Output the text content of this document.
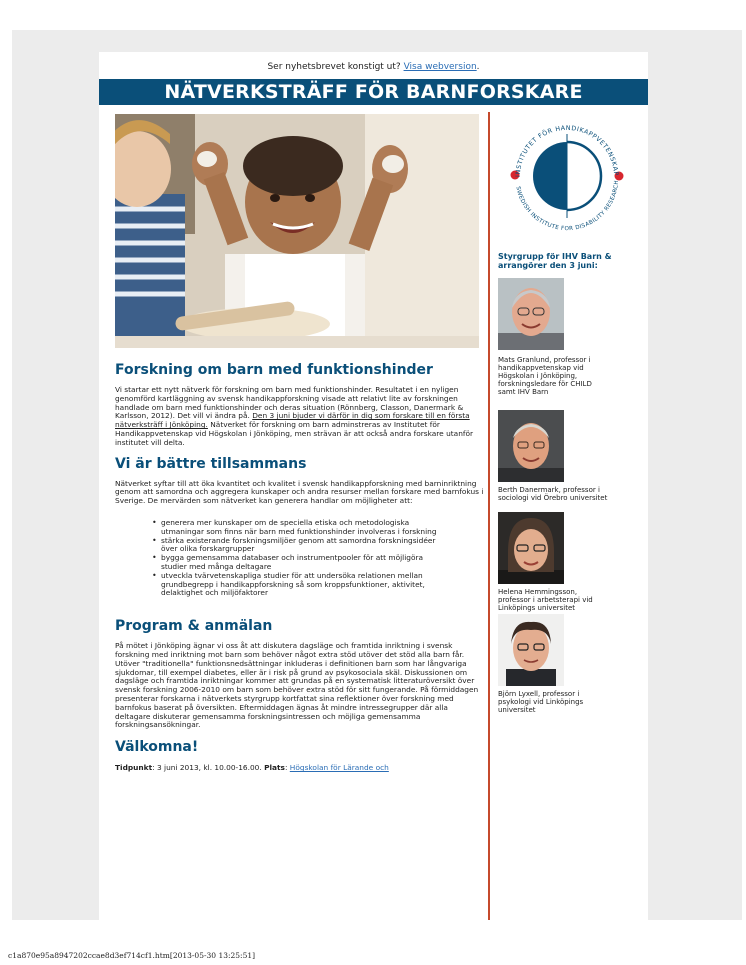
Ser nyhetsbrevet konstigt ut? Visa webversion.
NÄTVERKSTRÄFF FÖR BARNFORSKARE
Forskning om barn med funktionshinder

Vi startar ett nytt nätverk för forskning om barn med funktionshinder. Resultatet i en nyligen genomförd kartläggning av svensk handikappforskning visade att relativt lite av forskningen handlade om barn med funktionshinder och deras situation (Rönnberg, Classon, Danermark & Karlsson, 2012). Det vill vi ändra på. Den 3 juni bjuder vi därför in dig som forskare till en första nätverksträff i Jönköping. Nätverket för forskning om barn adminstreras av Institutet för Handikappvetenskap vid Högskolan i Jönköping, men strävan är att också andra forskare utanför institutet vill delta.

Vi är bättre tillsammans

Nätverket syftar till att öka kvantitet och kvalitet i svensk handikappforskning med barninriktning genom att samordna och aggregera kunskaper och andra resurser mellan forskare med barnfokus i Sverige. De mervärden som nätverket kan generera handlar om möjligheter att:

• generera mer kunskaper om de speciella etiska och metodologiska utmaningar som finns när barn med funktionshinder involveras i forskning
• stärka existerande forskningsmiljöer genom att samordna forskningsidéer över olika forskargrupper
• bygga gemensamma databaser och instrumentpooler för att möjligöra studier med många deltagare
• utveckla tvärvetenskapliga studier för att undersöka relationen mellan grundbegrepp i handikappforskning så som kroppsfunktioner, aktivitet, delaktighet och miljöfaktorer
Program & anmälan

På mötet i Jönköping ägnar vi oss åt att diskutera dagsläge och framtida inriktning i svensk forskning med inriktning mot barn som behöver något extra stöd utöver det stöd alla barn får. Utöver "traditionella" funktionsnedsättningar inkluderas i definitionen barn som har långvariga sjukdomar, till exempel diabetes, eller är i risk på grund av psykosociala skäl. Diskussionen om dagsläge och framtida inriktningar kommer att grundas på en systematisk litteraturöversikt över svensk forskning 2006-2010 om barn som behöver extra stöd för sitt fungerande. På förmiddagen presenterar forskarna i nätverkets styrgrupp kortfattat sina reflektioner över forskning med barnfokus baserat på översikten. Eftermiddagen ägnas åt mindre intressegrupper där alla deltagare diskuterar gemensamma forskningsintressen och möjliga gemensamma forskningsansökningar.

Välkomna!

Tidpunkt: 3 juni 2013, kl. 10.00-16.00. Plats: Högskolan för Lärande och

INSTITUTET FÖR HANDIKAPPVETENSKAP
SWEDISH INSTITUTE FOR DISABILITY RESEARCH
Styrgrupp för IHV Barn & arrangörer den 3 juni:
Mats Granlund, professor i handikappvetenskap vid Högskolan i Jönköping, forskningsledare för CHILD samt IHV Barn
Berth Danermark, professor i sociologi vid Örebro universitet
Helena Hemmingsson, professor i arbetsterapi vid Linköpings universitet
Björn Lyxell, professor i psykologi vid Linköpings universitet
c1a870e95a8947202ccae8d3ef714cf1.htm[2013-05-30 13:25:51]
